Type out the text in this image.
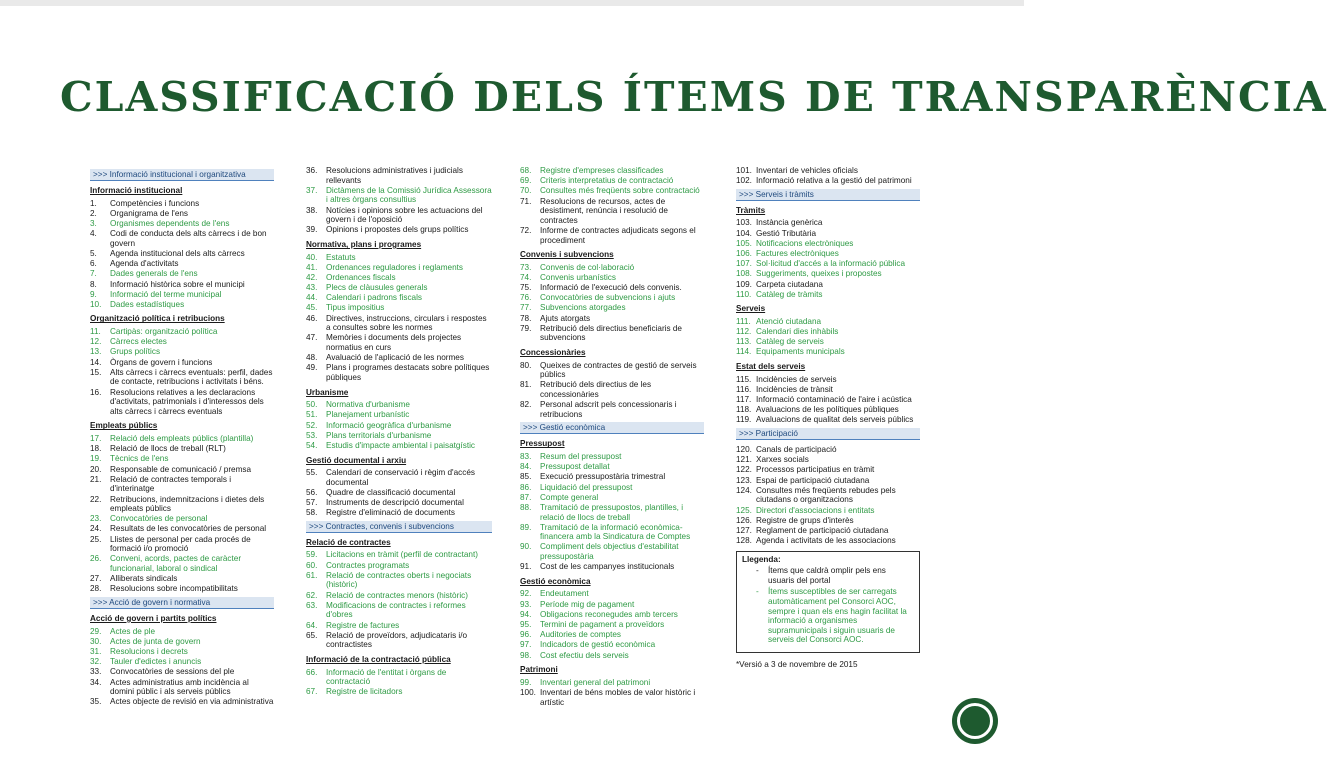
CLASSIFICACIÓ DELS ÍTEMS DE TRANSPARÈNCIA
>>> Informació institucional i organitzativa
Informació institucional
1.	Competències i funcions
2.	Organigrama de l'ens
3.	Organismes dependents de l'ens
4.	Codi de conducta dels alts càrrecs i de bon govern
5.	Agenda institucional dels alts càrrecs
6.	Agenda d'activitats
7.	Dades generals de l'ens
8.	Informació històrica sobre el municipi
9.	Informació del terme municipal
10.	Dades estadístiques
Organització política i retribucions
11.	Cartipàs: organització política
12.	Càrrecs electes
13.	Grups polítics
14.	Òrgans de govern i funcions
15.	Alts càrrecs i càrrecs eventuals: perfil, dades de contacte, retribucions i activitats i béns.
16.	Resolucions relatives a les declaracions d'activitats, patrimonials i d'interessos dels alts càrrecs i càrrecs eventuals
Empleats públics
17.	Relació dels empleats públics (plantilla)
18.	Relació de llocs de treball (RLT)
19.	Tècnics de l'ens
20.	Responsable de comunicació / premsa
21.	Relació de contractes temporals i d'interinatge
22.	Retribucions, indemnitzacions i dietes dels empleats públics
23.	Convocatòries de personal
24.	Resultats de les convocatòries de personal
25.	Llistes de personal per cada procés de formació i/o promoció
26.	Conveni, acords, pactes de caràcter funcionarial, laboral o sindical
27.	Alliberats sindicals
28.	Resolucions sobre incompatibilitats
>>> Acció de govern i normativa
Acció de govern i partits polítics
29.	Actes de ple
30.	Actes de junta de govern
31.	Resolucions i decrets
32.	Tauler d'edictes i anuncis
33.	Convocatòries de sessions del ple
34.	Actes administratius amb incidència al domini públic i als serveis públics
35.	Actes objecte de revisió en via administrativa
36.	Resolucions administratives i judicials rellevants
37.	Dictàmens de la Comissió Jurídica Assessora i altres òrgans consultius
38.	Notícies i opinions sobre les actuacions del govern i de l'oposició
39.	Opinions i propostes dels grups polítics
Normativa, plans i programes
40.	Estatuts
41.	Ordenances reguladores i reglaments
42.	Ordenances fiscals
43.	Plecs de clàusules generals
44.	Calendari i padrons fiscals
45.	Tipus impositius
46.	Directives, instruccions, circulars i respostes a consultes sobre les normes
47.	Memòries i documents dels projectes normatius en curs
48.	Avaluació de l'aplicació de les normes
49.	Plans i programes destacats sobre polítiques públiques
Urbanisme
50.	Normativa d'urbanisme
51.	Planejament urbanístic
52.	Informació geogràfica d'urbanisme
53.	Plans territorials d'urbanisme
54.	Estudis d'impacte ambiental i paisatgístic
Gestió documental i arxiu
55.	Calendari de conservació i règim d'accés documental
56.	Quadre de classificació documental
57.	Instruments de descripció documental
58.	Registre d'eliminació de documents
>>> Contractes, convenis i subvencions
Relació de contractes
59.	Licitacions en tràmit (perfil de contractant)
60.	Contractes programats
61.	Relació de contractes oberts i negociats (històric)
62.	Relació de contractes menors (històric)
63.	Modificacions de contractes i reformes d'obres
64.	Registre de factures
65.	Relació de proveïdors, adjudicataris i/o contractistes
Informació de la contractació pública
66.	Informació de l'entitat i òrgans de contractació
67.	Registre de licitadors
68.	Registre d'empreses classificades
69.	Criteris interpretatius de contractació
70.	Consultes més freqüents sobre contractació
71.	Resolucions de recursos, actes de desistiment, renúncia i resolució de contractes
72.	Informe de contractes adjudicats segons el procediment
Convenis i subvencions
73.	Convenis de col·laboració
74.	Convenis urbanístics
75.	Informació de l'execució dels convenis.
76.	Convocatòries de subvencions i ajuts
77.	Subvencions atorgades
78.	Ajuts atorgats
79.	Retribució dels directius beneficiaris de subvencions
Concessionàries
80.	Queixes de contractes de gestió de serveis públics
81.	Retribució dels directius de les concessionàries
82.	Personal adscrit pels concessionaris i retribucions
>>> Gestió econòmica
Pressupost
83.	Resum del pressupost
84.	Pressupost detallat
85.	Execució pressupostària trimestral
86.	Liquidació del pressupost
87.	Compte general
88.	Tramitació de pressupostos, plantilles, i relació de llocs de treball
89.	Tramitació de la informació econòmica-financera amb la Sindicatura de Comptes
90.	Compliment dels objectius d'estabilitat pressupostària
91.	Cost de les campanyes institucionals
Gestió econòmica
92.	Endeutament
93.	Període mig de pagament
94.	Obligacions reconegudes amb tercers
95.	Termini de pagament a proveïdors
96.	Auditories de comptes
97.	Indicadors de gestió econòmica
98.	Cost efectiu dels serveis
Patrimoni
99.	Inventari general del patrimoni
100. Inventari de béns mobles de valor històric i artístic
101. Inventari de vehicles oficials
102. Informació relativa a la gestió del patrimoni
>>> Serveis i tràmits
Tràmits
103. Instància genèrica
104. Gestió Tributària
105. Notificacions electròniques
106. Factures electròniques
107. Sol·licitud d'accés a la informació pública
108. Suggeriments, queixes i propostes
109. Carpeta ciutadana
110. Catàleg de tràmits
Serveis
111. Atenció ciutadana
112. Calendari dies inhàbils
113. Catàleg de serveis
114. Equipaments municipals
Estat dels serveis
115. Incidències de serveis
116. Incidències de trànsit
117. Informació contaminació de l'aire i acústica
118. Avaluacions de les polítiques públiques
119. Avaluacions de qualitat dels serveis públics
>>> Participació
120. Canals de participació
121. Xarxes socials
122. Processos participatius en tràmit
123. Espai de participació ciutadana
124. Consultes més freqüents rebudes pels ciutadans o organitzacions
125. Directori d'associacions i entitats
126. Registre de grups d'interès
127. Reglament de participació ciutadana
128. Agenda i activitats de les associacions
Llegenda:
-	Ítems que caldrà omplir pels ens usuaris del portal
-	Ítems susceptibles de ser carregats automàticament pel Consorci AOC, sempre i quan els ens hagin facilitat la informació a organismes supramunicipals i siguin usuaris de serveis del Consorci AOC.
*Versió a 3 de novembre de 2015
